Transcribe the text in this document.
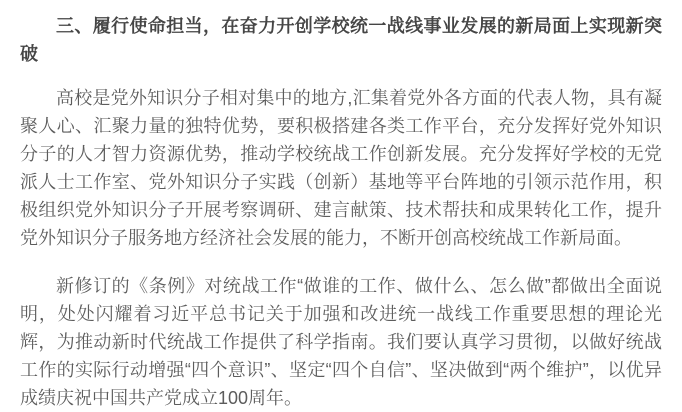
三、履行使命担当，在奋力开创学校统一战线事业发展的新局面上实现新突破

高校是党外知识分子相对集中的地方,汇集着党外各方面的代表人物，具有凝聚人心、汇聚力量的独特优势，要积极搭建各类工作平台，充分发挥好党外知识分子的人才智力资源优势，推动学校统战工作创新发展。充分发挥好学校的无党派人士工作室、党外知识分子实践（创新）基地等平台阵地的引领示范作用，积极组织党外知识分子开展考察调研、建言献策、技术帮扶和成果转化工作，提升党外知识分子服务地方经济社会发展的能力，不断开创高校统战工作新局面。

新修订的《条例》对统战工作“做谁的工作、做什么、怎么做”都做出全面说明，处处闪耀着习近平总书记关于加强和改进统一战线工作重要思想的理论光辉，为推动新时代统战工作提供了科学指南。我们要认真学习贯彻，以做好统战工作的实际行动增强“四个意识”、坚定“四个自信”、坚决做到“两个维护”，以优异成绩庆祝中国共产党成立100周年。
